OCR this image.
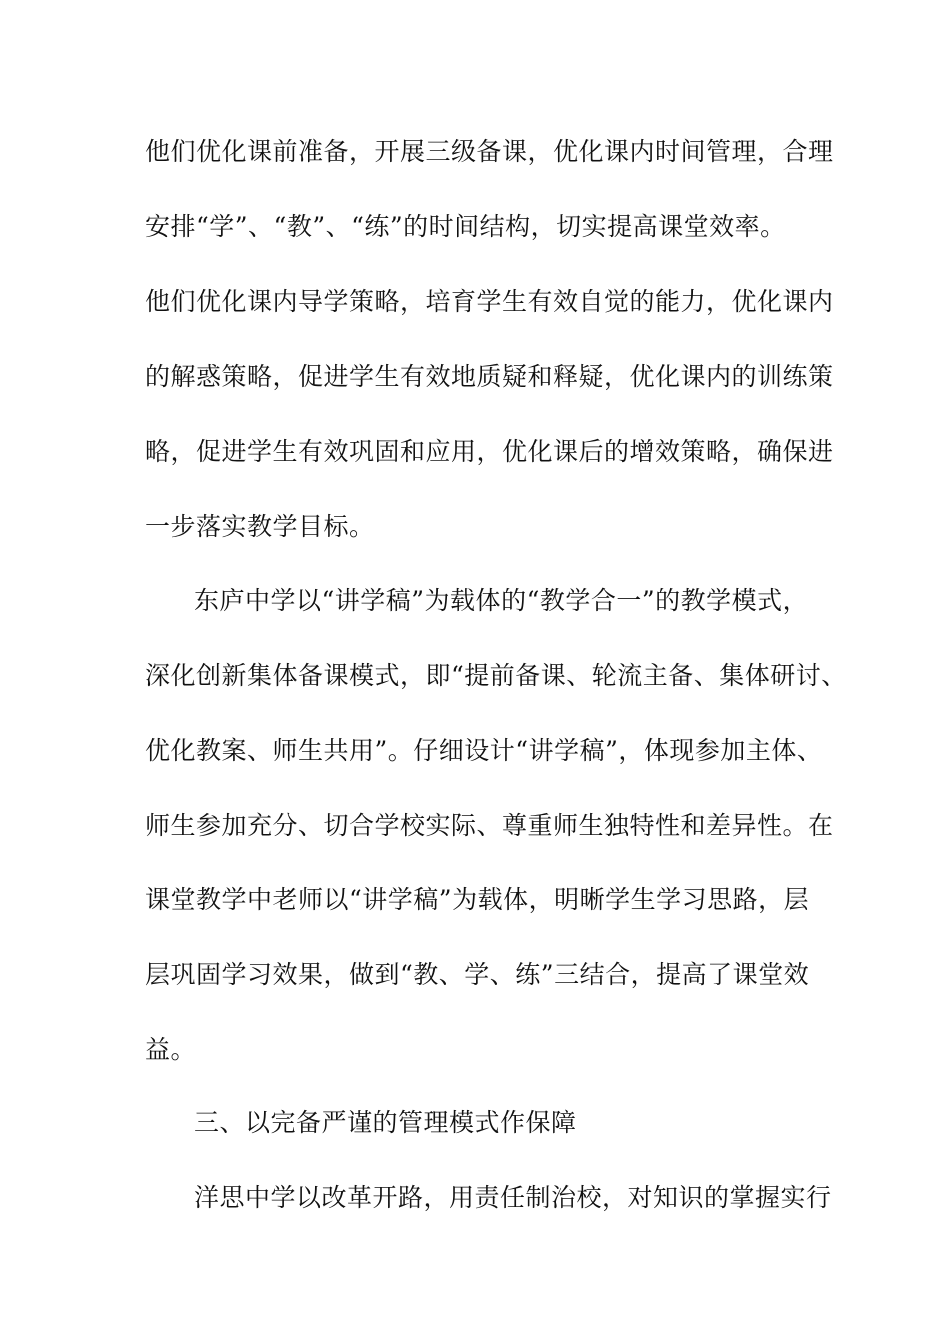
他们优化课前准备，开展三级备课，优化课内时间管理，合理
安排“学”、“教”、“练”的时间结构，切实提高课堂效率。
他们优化课内导学策略，培育学生有效自觉的能力，优化课内
的解惑策略，促进学生有效地质疑和释疑，优化课内的训练策
略，促进学生有效巩固和应用，优化课后的增效策略，确保进
一步落实教学目标。
东庐中学以“讲学稿”为载体的“教学合一”的教学模式，
深化创新集体备课模式，即“提前备课、轮流主备、集体研讨、
优化教案、师生共用”。仔细设计“讲学稿”，体现参加主体、
师生参加充分、切合学校实际、尊重师生独特性和差异性。在
课堂教学中老师以“讲学稿”为载体，明晰学生学习思路，层
层巩固学习效果，做到“教、学、练”三结合，提高了课堂效
益。
三、以完备严谨的管理模式作保障
洋思中学以改革开路，用责任制治校，对知识的掌握实行
